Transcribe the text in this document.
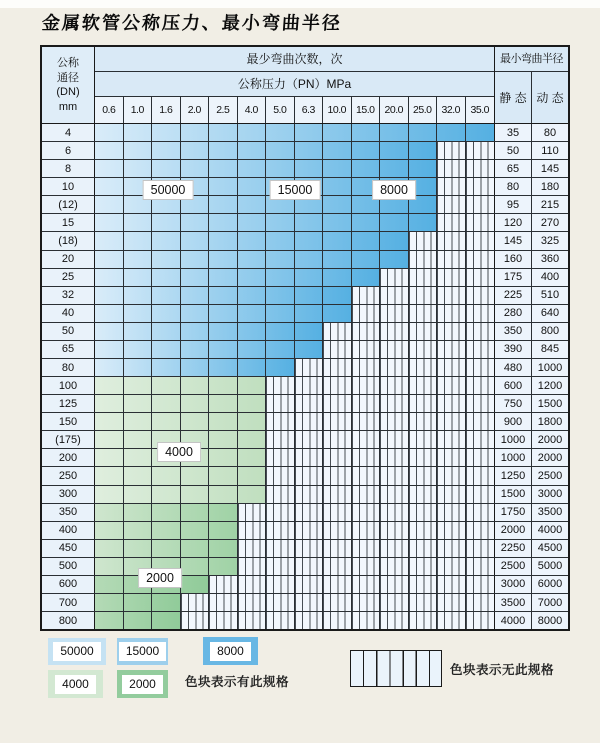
金属软管公称压力、最小弯曲半径
公称
通径
(DN)
mm
最少弯曲次数，次
公称压力（PN）MPa
0.6	1.0	1.6	2.0	2.5	4.0	5.0	6.3	10.0 15.0 20.0 25.0 32.0	35.0
最小弯曲半径
静 态 动 态
4	35	80
6	50	110
8	65	145
10	80	180
(12)	95	215
15	120	270
(18)	145	325
20	160	360
25	175	400
32	225	510
40	280	640
50	350	800
65	390	845
80	480	1000
100	600	1200
125	750	1500
150	900	1800
(175)	1000	2000
200	1000	2000
250	1250	2500
300	1500	3000
350	1750	3500
400	2000	4000
450	2250	4500
500	2500	5000
600	3000	6000
700	3500	7000
800	4000	8000
50000	15000	8000
4000
2000
50000	15000	8000
4000	2000	色块表示有此规格
色块表示无此规格
